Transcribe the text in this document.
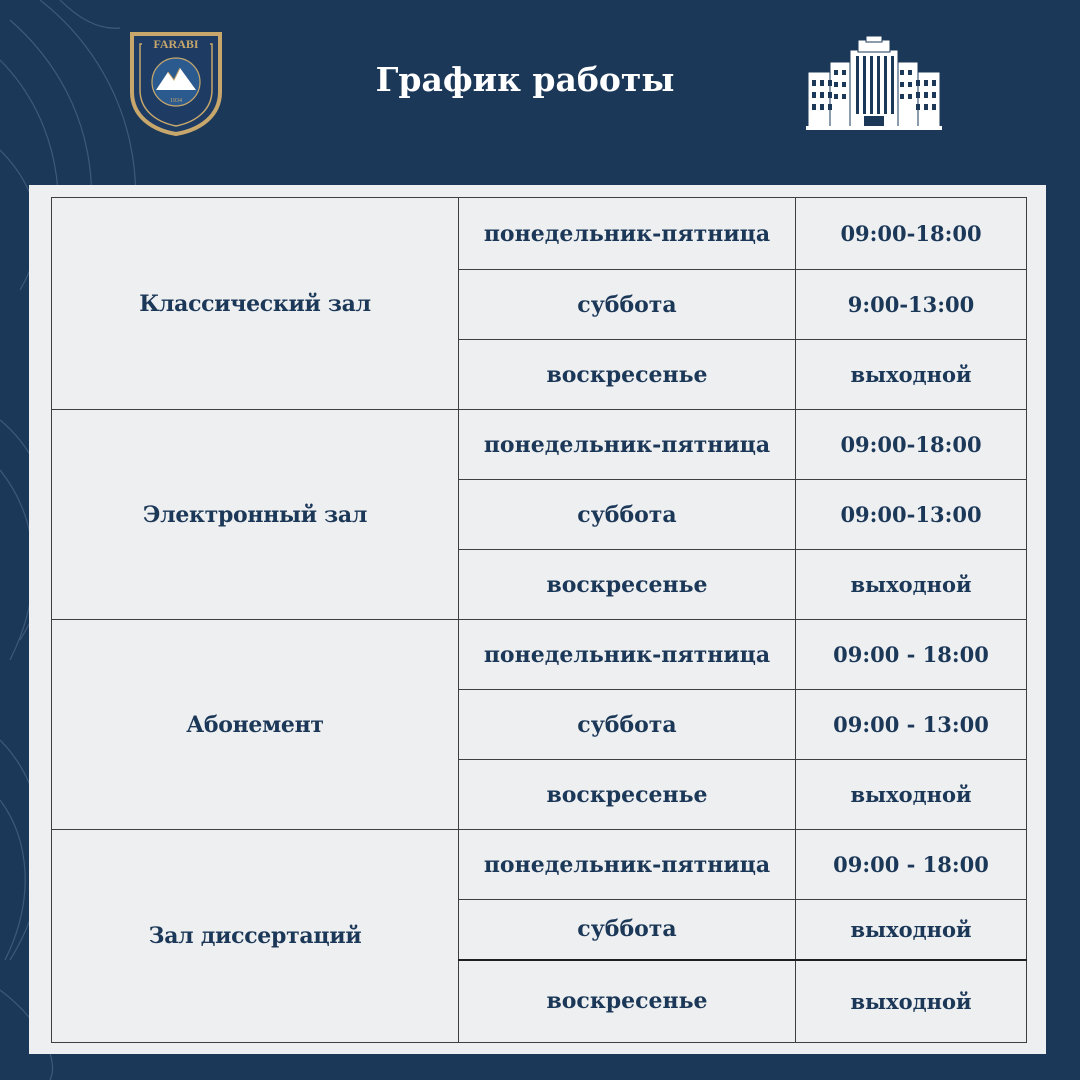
FARABI
1934
График работы
Классический зал	понедельник-пятница	09:00-18:00
	суббота	9:00-13:00
	воскресенье	выходной
Электронный зал	понедельник-пятница	09:00-18:00
	суббота	09:00-13:00
	воскресенье	выходной
Абонемент	понедельник-пятница	09:00 - 18:00
	суббота	09:00 - 13:00
	воскресенье	выходной
Зал диссертаций	понедельник-пятница	09:00 - 18:00
	суббота	выходной
	воскресенье	выходной
